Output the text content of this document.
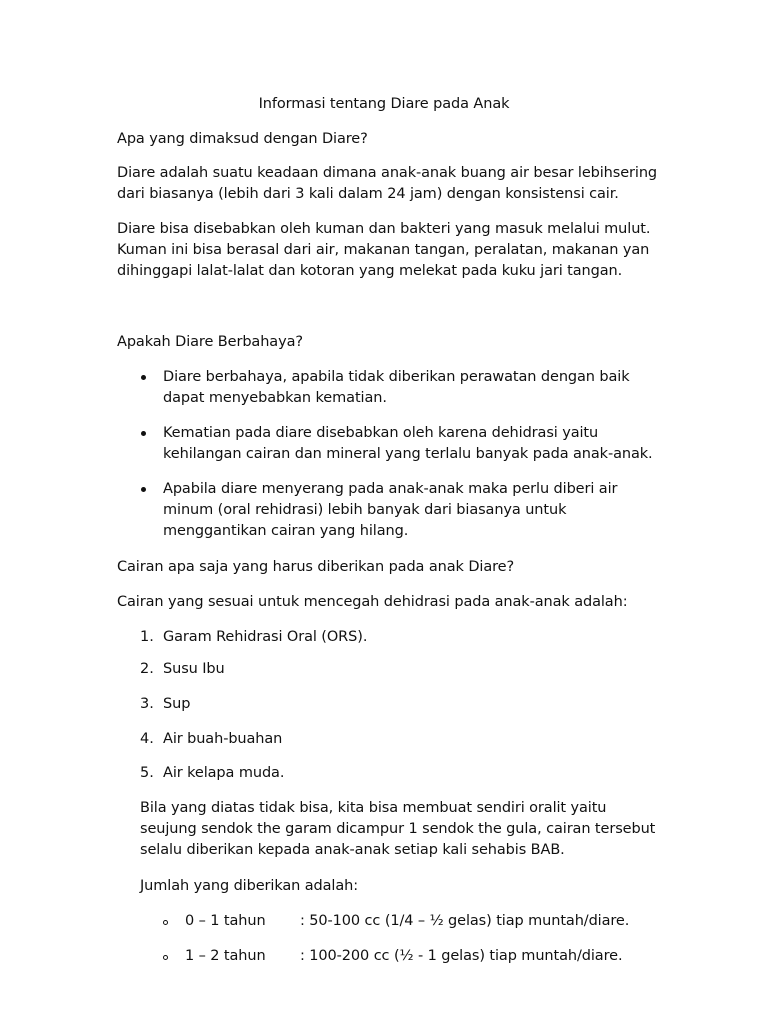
Informasi tentang Diare pada Anak
Apa yang dimaksud dengan Diare?
Diare adalah suatu keadaan dimana anak-anak buang air besar lebihsering
dari biasanya (lebih dari 3 kali dalam 24 jam) dengan konsistensi cair.
Diare bisa disebabkan oleh kuman dan bakteri yang masuk melalui mulut.
Kuman ini bisa berasal dari air, makanan tangan, peralatan, makanan yan
dihinggapi lalat-lalat dan kotoran yang melekat pada kuku jari tangan.
Apakah Diare Berbahaya?
Diare berbahaya, apabila tidak diberikan perawatan dengan baik
dapat menyebabkan kematian.
Kematian pada diare disebabkan oleh karena dehidrasi yaitu
kehilangan cairan dan mineral yang terlalu banyak pada anak-anak.
Apabila diare menyerang pada anak-anak maka perlu diberi air
minum (oral rehidrasi) lebih banyak dari biasanya untuk
menggantikan cairan yang hilang.
Cairan apa saja yang harus diberikan pada anak Diare?
Cairan yang sesuai untuk mencegah dehidrasi pada anak-anak adalah:
1. Garam Rehidrasi Oral (ORS).
2. Susu Ibu
3. Sup
4. Air buah-buahan
5. Air kelapa muda.
Bila yang diatas tidak bisa, kita bisa membuat sendiri oralit yaitu
seujung sendok the garam dicampur 1 sendok the gula, cairan tersebut
selalu diberikan kepada anak-anak setiap kali sehabis BAB.
Jumlah yang diberikan adalah:
0 – 1 tahun : 50-100 cc (1/4 – ½ gelas) tiap muntah/diare.
1 – 2 tahun : 100-200 cc (½ - 1 gelas) tiap muntah/diare.
